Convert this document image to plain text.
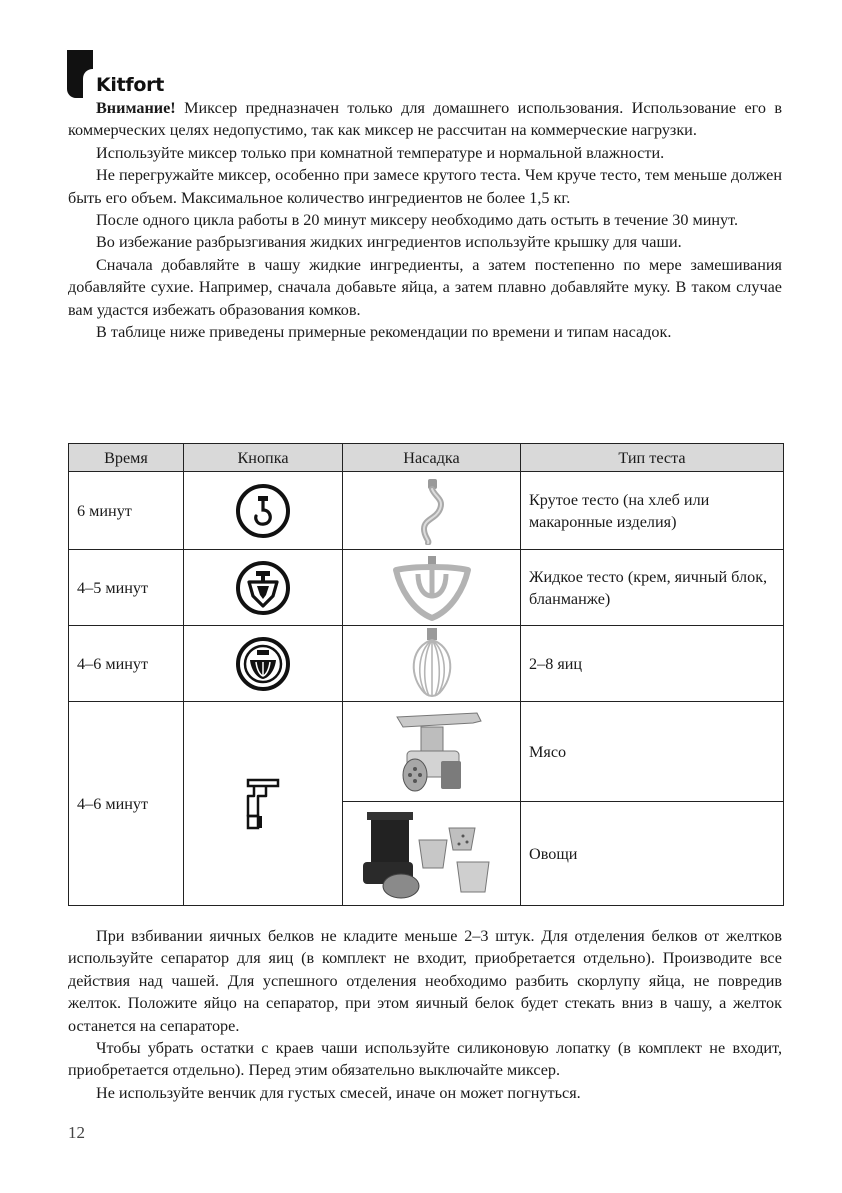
Kitfort

Внимание! Миксер предназначен только для домашнего использования. Использование его в коммерческих целях недопустимо, так как миксер не рассчитан на коммерческие нагрузки.

Используйте миксер только при комнатной температуре и нормальной влажности.

Не перегружайте миксер, особенно при замесе крутого теста. Чем круче тесто, тем меньше должен быть его объем. Максимальное количество ингредиентов не более 1,5 кг.

После одного цикла работы в 20 минут миксеру необходимо дать остыть в течение 30 минут.

Во избежание разбрызгивания жидких ингредиентов используйте крышку для чаши.

Сначала добавляйте в чашу жидкие ингредиенты, а затем постепенно по мере замешивания добавляйте сухие. Например, сначала добавьте яйца, а затем плавно добавляйте муку. В таком случае вам удастся избежать образования комков.

В таблице ниже приведены примерные рекомендации по времени и типам насадок.

Время	Кнопка	Насадка	Тип теста
6 минут			Крутое тесто (на хлеб или макаронные изделия)
4–5 минут			Жидкое тесто (крем, яичный блок, бланманже)
4–6 минут			2–8 яиц
4–6 минут			Мясо

	Овощи

При взбивании яичных белков не кладите меньше 2–3 штук. Для отделения белков от желтков используйте сепаратор для яиц (в комплект не входит, приобретается отдельно). Производите все действия над чашей. Для успешного отделения необходимо разбить скорлупу яйца, не повредив желток. Положите яйцо на сепаратор, при этом яичный белок будет стекать вниз в чашу, а желток останется на сепараторе.

Чтобы убрать остатки с краев чаши используйте силиконовую лопатку (в комплект не входит, приобретается отдельно). Перед этим обязательно выключайте миксер.

Не используйте венчик для густых смесей, иначе он может погнуться.

12
